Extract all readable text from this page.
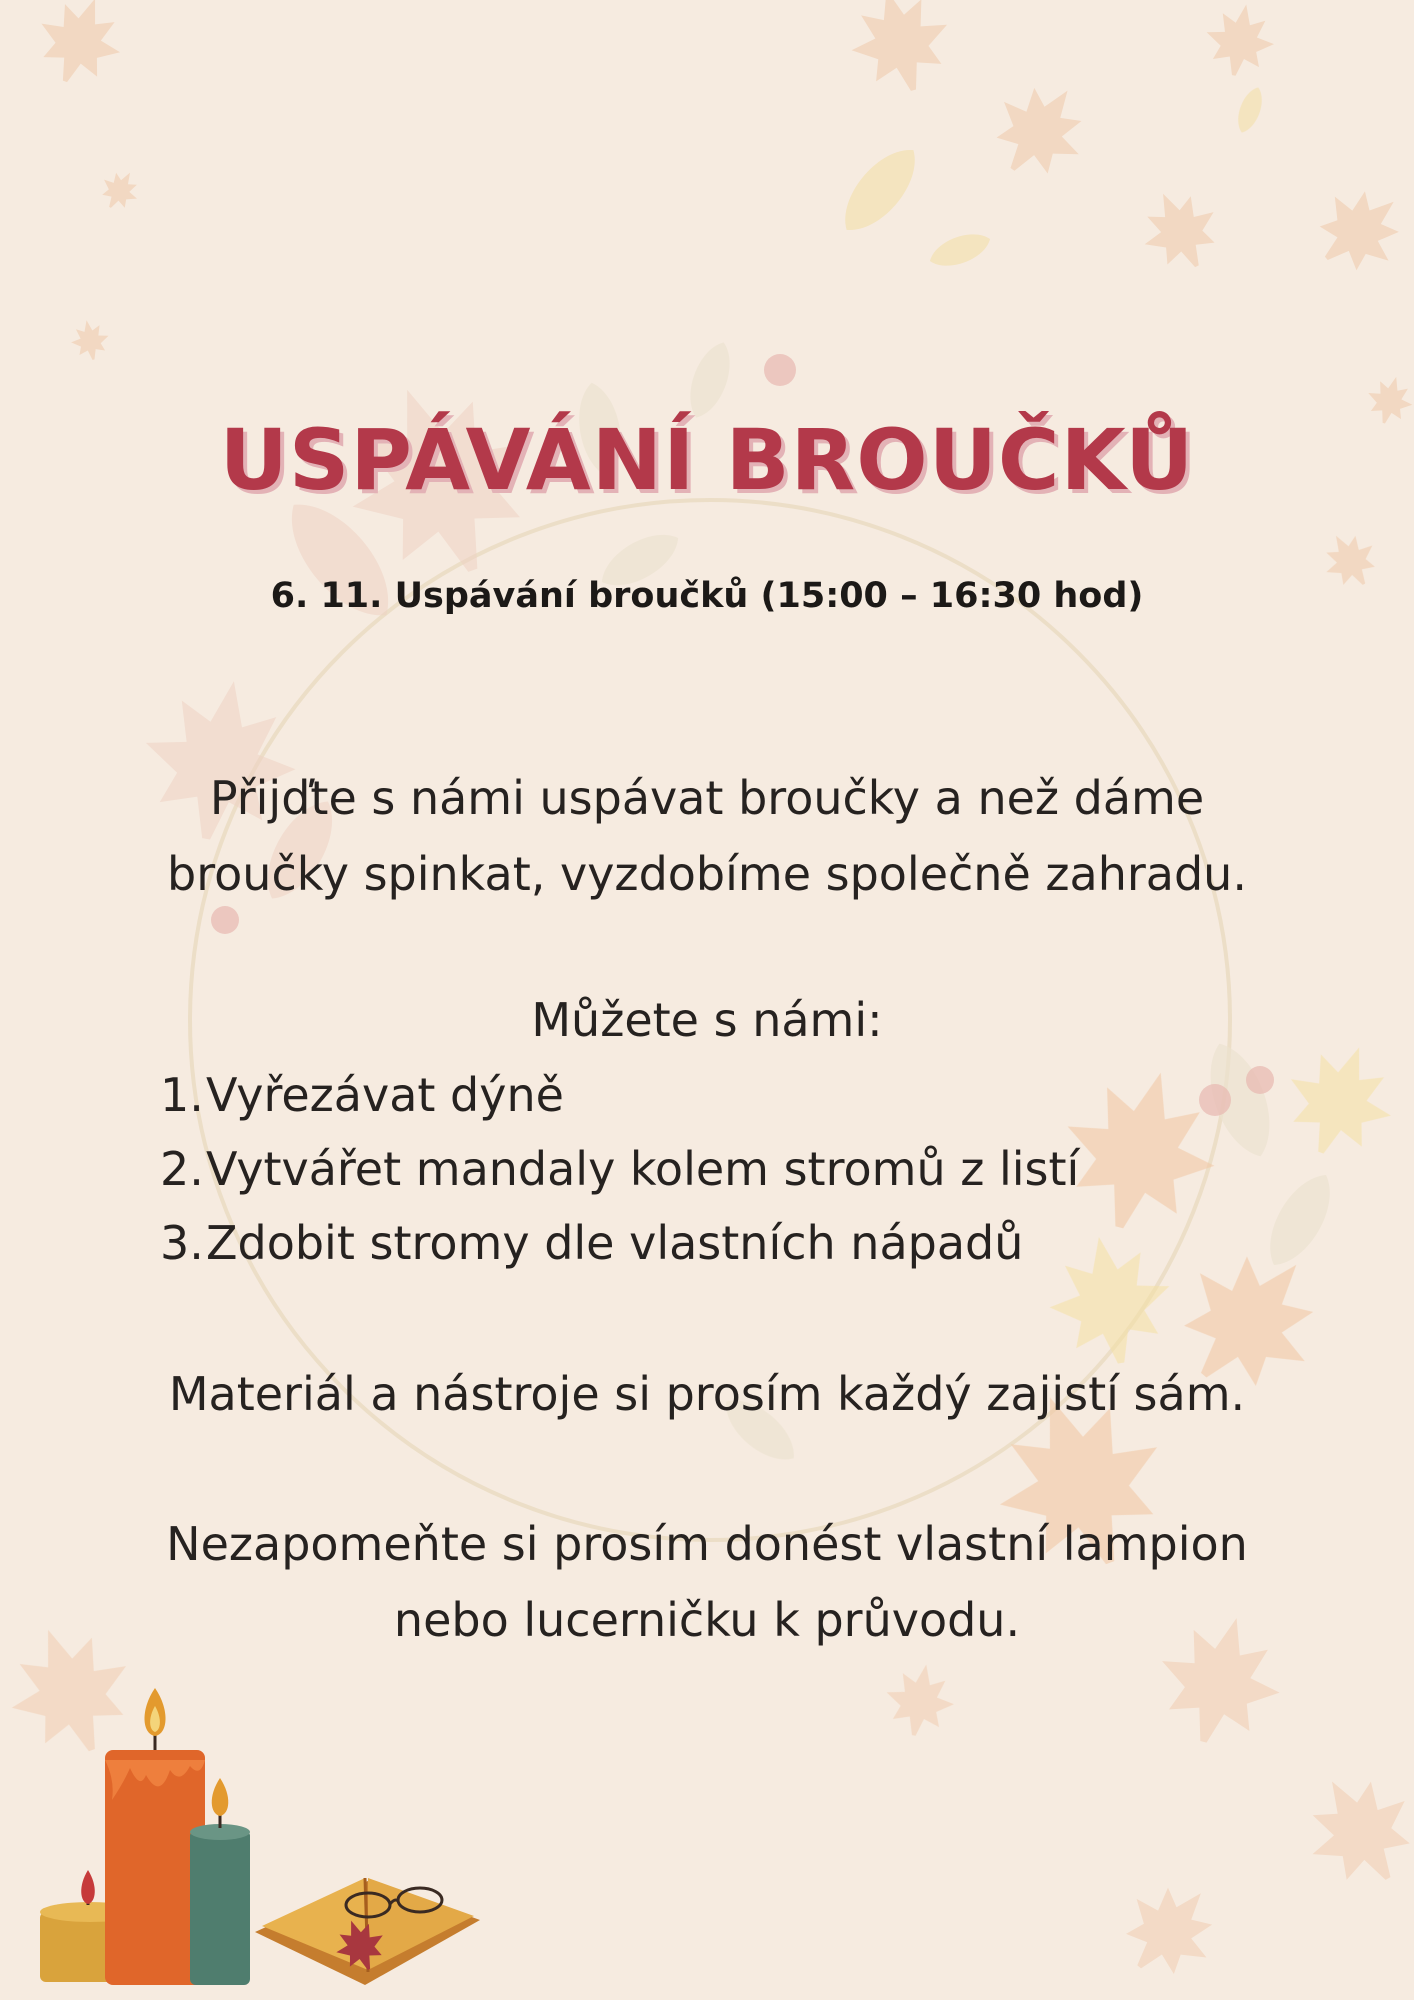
USPÁVÁNÍ BROUČKŮ
6. 11. Uspávání broučků (15:00 – 16:30 hod)
Přijďte s námi uspávat broučky a než dáme
broučky spinkat, vyzdobíme společně zahradu.
Můžete s námi:
1.Vyřezávat dýně
2.Vytvářet mandaly kolem stromů z listí
3.Zdobit stromy dle vlastních nápadů
Materiál a nástroje si prosím každý zajistí sám.
Nezapomeňte si prosím donést vlastní lampion
nebo lucerničku k průvodu.
